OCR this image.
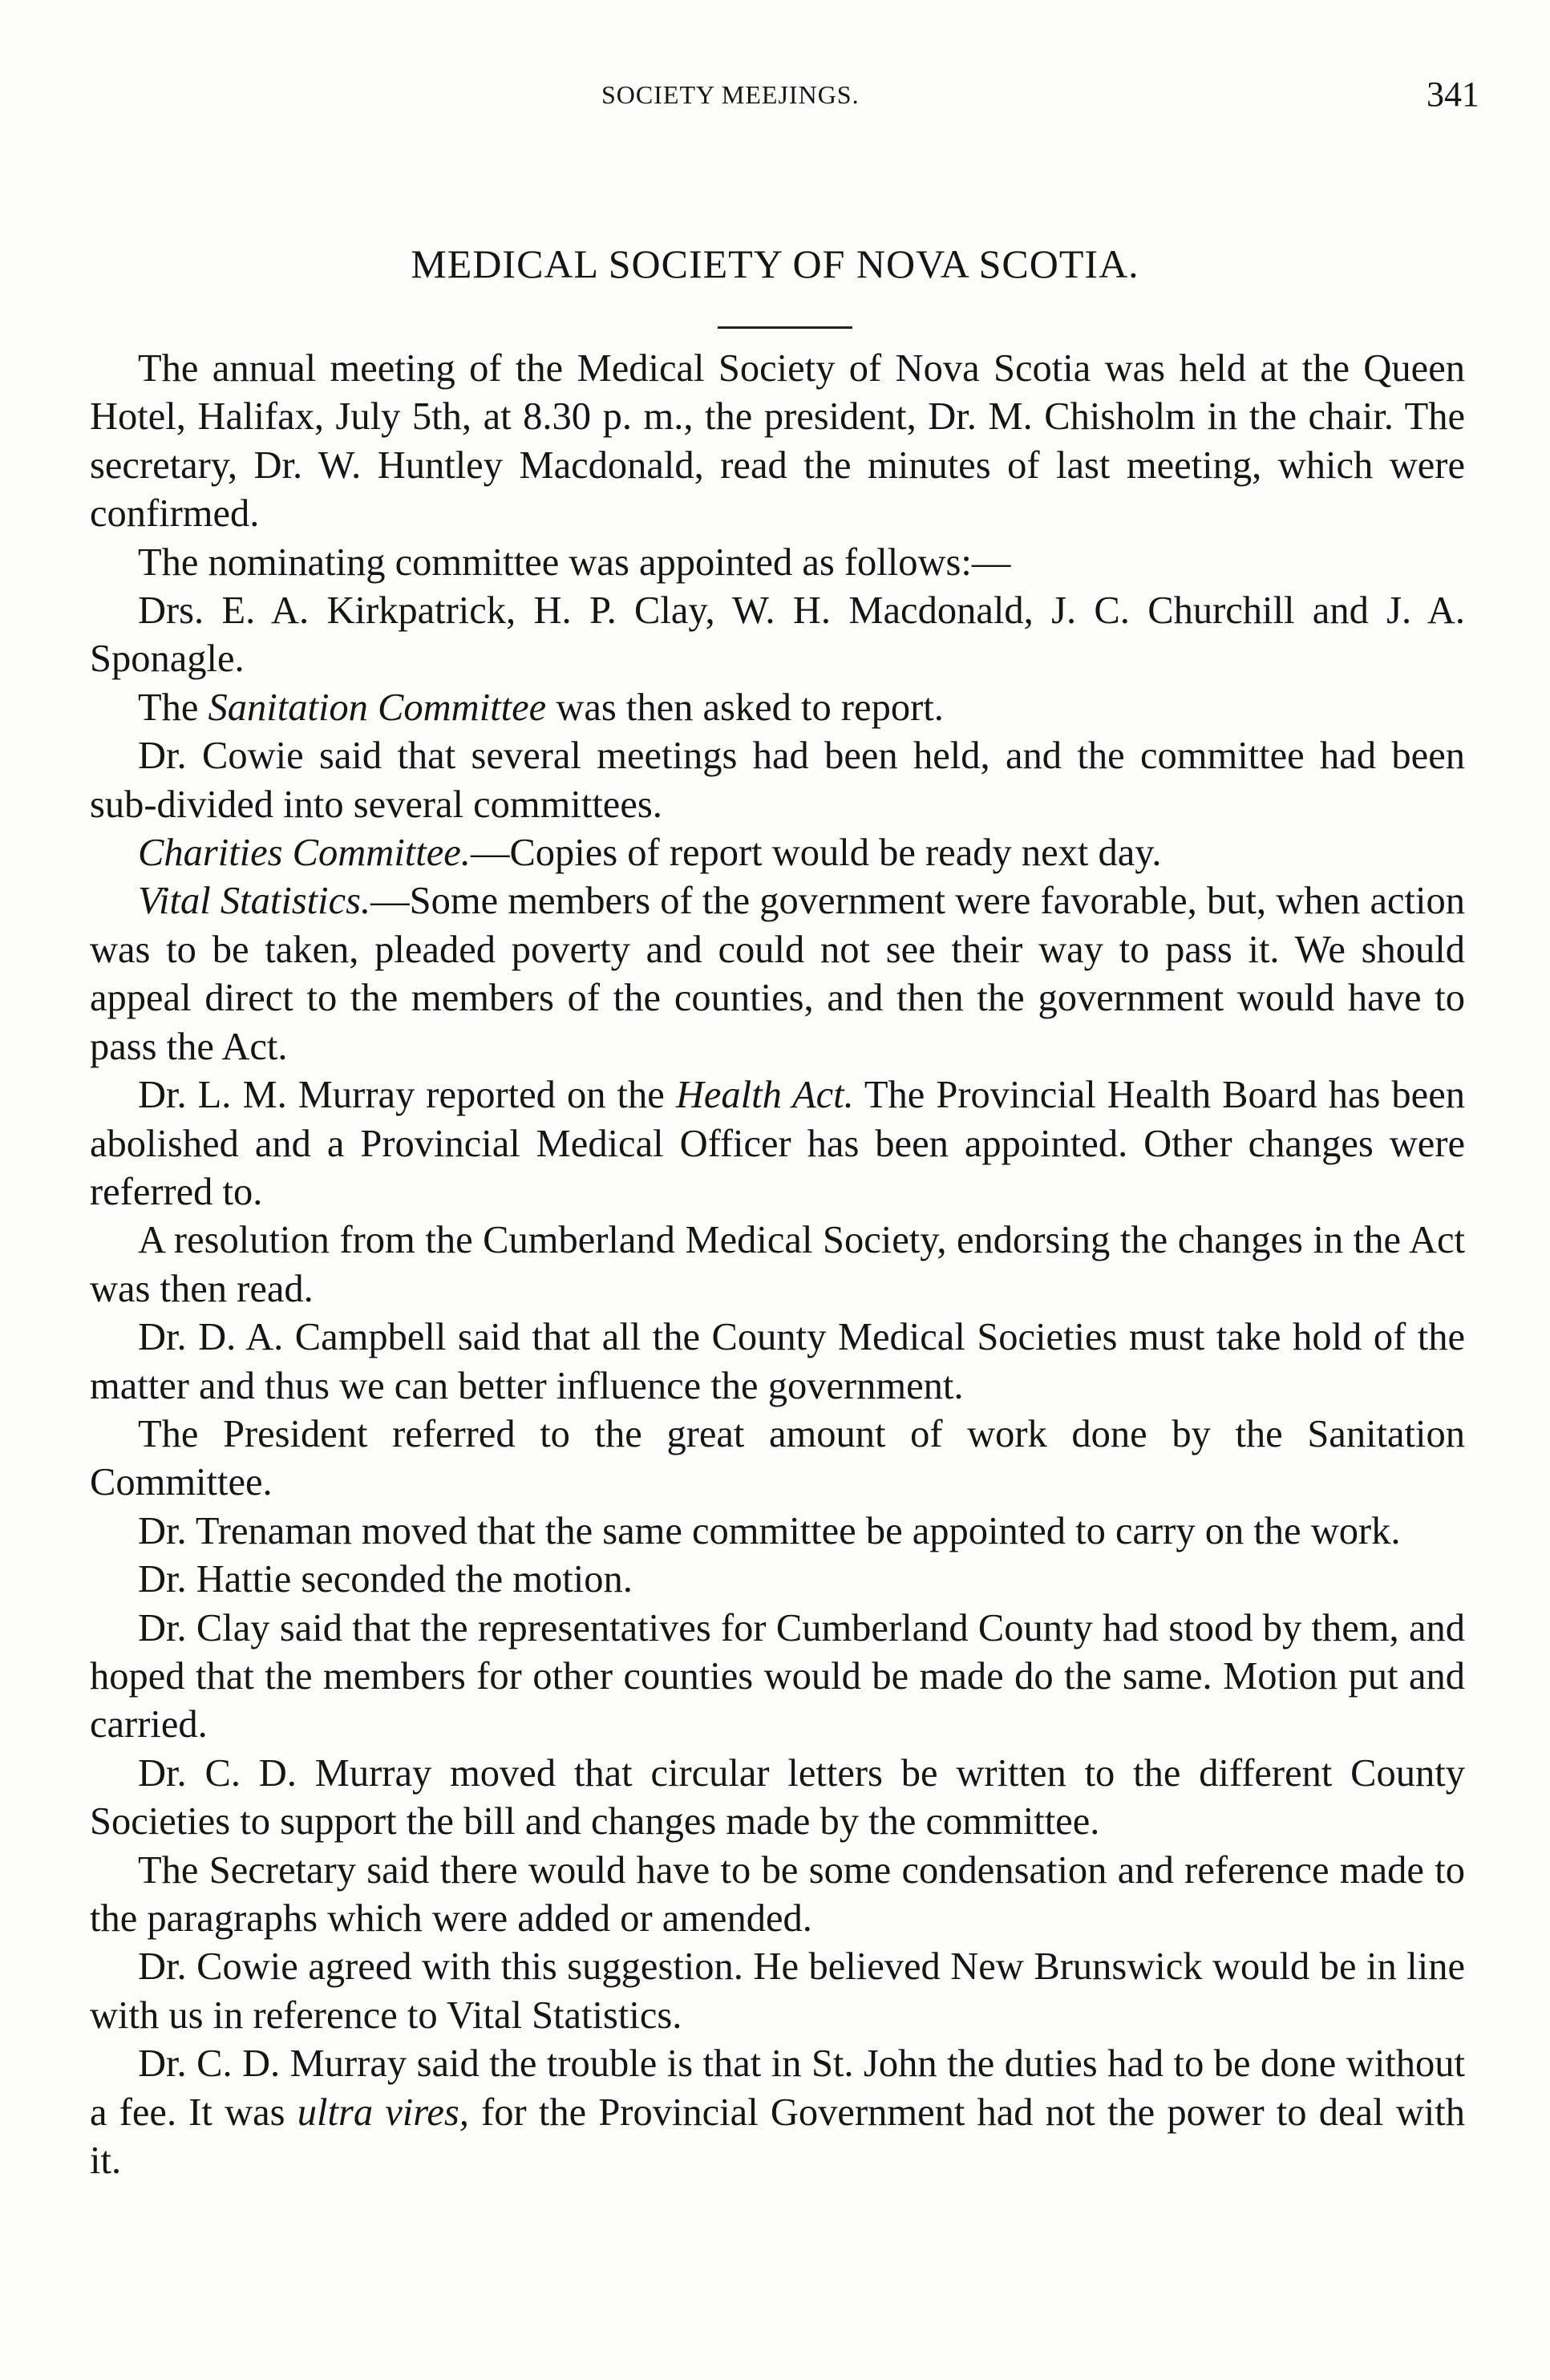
SOCIETY MEEJINGS.	341
MEDICAL SOCIETY OF NOVA SCOTIA.

The annual meeting of the Medical Society of Nova Scotia was held at the Queen Hotel, Halifax, July 5th, at 8.30 p. m., the president, Dr. M. Chisholm in the chair. The secretary, Dr. W. Huntley Macdonald, read the minutes of last meeting, which were confirmed.

The nominating committee was appointed as follows:—

Drs. E. A. Kirkpatrick, H. P. Clay, W. H. Macdonald, J. C. Churchill and J. A. Sponagle.

The Sanitation Committee was then asked to report.

Dr. Cowie said that several meetings had been held, and the committee had been sub-divided into several committees.

Charities Committee.—Copies of report would be ready next day.

Vital Statistics.—Some members of the government were favorable, but, when action was to be taken, pleaded poverty and could not see their way to pass it. We should appeal direct to the members of the counties, and then the government would have to pass the Act.

Dr. L. M. Murray reported on the Health Act. The Provincial Health Board has been abolished and a Provincial Medical Officer has been appointed. Other changes were referred to.

A resolution from the Cumberland Medical Society, endorsing the changes in the Act was then read.

Dr. D. A. Campbell said that all the County Medical Societies must take hold of the matter and thus we can better influence the government.

The President referred to the great amount of work done by the Sanitation Committee.

Dr. Trenaman moved that the same committee be appointed to carry on the work.

Dr. Hattie seconded the motion.

Dr. Clay said that the representatives for Cumberland County had stood by them, and hoped that the members for other counties would be made do the same. Motion put and carried.

Dr. C. D. Murray moved that circular letters be written to the different County Societies to support the bill and changes made by the committee.

The Secretary said there would have to be some condensation and reference made to the paragraphs which were added or amended.

Dr. Cowie agreed with this suggestion. He believed New Brunswick would be in line with us in reference to Vital Statistics.

Dr. C. D. Murray said the trouble is that in St. John the duties had to be done without a fee. It was ultra vires, for the Provincial Government had not the power to deal with it.
